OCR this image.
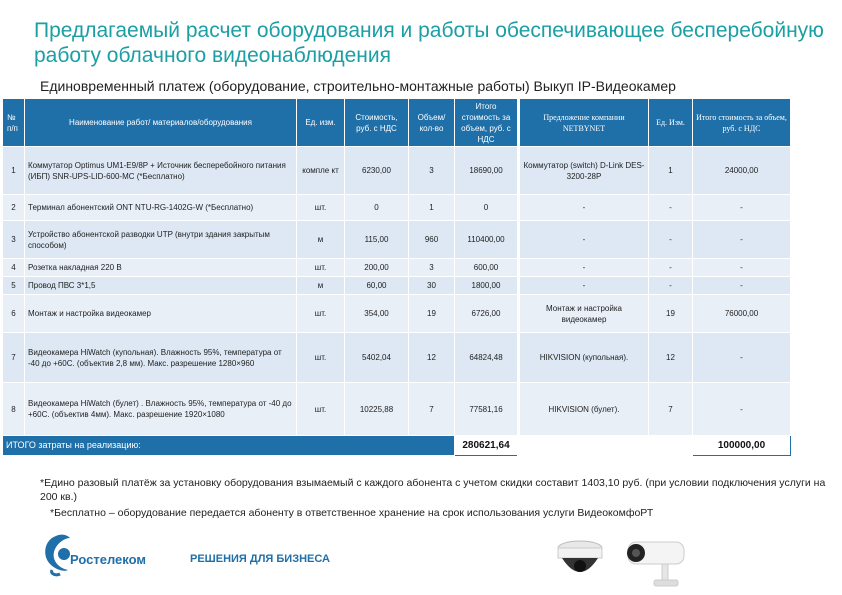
Предлагаемый расчет оборудования и работы обеспечивающее бесперебойную работу облачного видеонаблюдения
Единовременный платеж (оборудование, строительно-монтажные работы) Выкуп IP-Видеокамер
№ п/п	Наименование работ/ материалов/оборудования	Ед. изм.	Стоимость, руб. с НДС	Объем/ кол-во	Итого стоимость за объем, руб. с НДС	Предложение компании NETBYNET	Ед. Изм.	Итого стоимость за объем, руб. с НДС
1	Коммутатор Optimus UM1-E9/8P + Источник бесперебойного питания (ИБП) SNR-UPS-LID-600-MC (*Бесплатно)	компле кт	6230,00	3	18690,00	Коммутатор (switch) D-Link DES-3200-28P	1	24000,00
2	Терминал абонентский ONT NTU-RG-1402G-W (*Бесплатно)	шт.	0	1	0	-	-	-
3	Устройство абонентской разводки UTP (внутри здания закрытым способом)	м	115,00	960	110400,00	-	-	-
4	Розетка накладная 220 В	шт.	200,00	3	600,00	-	-	-
5	Провод ПВС 3*1,5	м	60,00	30	1800,00	-	-	-
6	Монтаж и настройка видеокамер	шт.	354,00	19	6726,00	Монтаж и настройка видеокамер	19	76000,00
7	Видеокамера HiWatch (купольная). Влажность 95%, температура от -40 до +60С. (объектив 2,8 мм). Макс. разрешение 1280×960	шт.	5402,04	12	64824,48	HIKVISION (купольная).	12	-
8	Видеокамера HiWatch (булет) . Влажность 95%, температура от -40 до +60С. (объектив 4мм). Макс. разрешение 1920×1080	шт.	10225,88	7	77581,16	HIKVISION (булет).	7	-
ИТОГО затраты на реализацию:					280621,64			100000,00

*Едино разовый платёж за установку оборудования взымаемый с каждого абонента с учетом скидки составит 1403,10 руб. (при условии подключения услуги на 200 кв.)

*Бесплатно – оборудование передается абоненту в ответственное хранение на срок использования услуги ВидеокомфоРТ

Ростелеком	РЕШЕНИЯ ДЛЯ БИЗНЕСА
